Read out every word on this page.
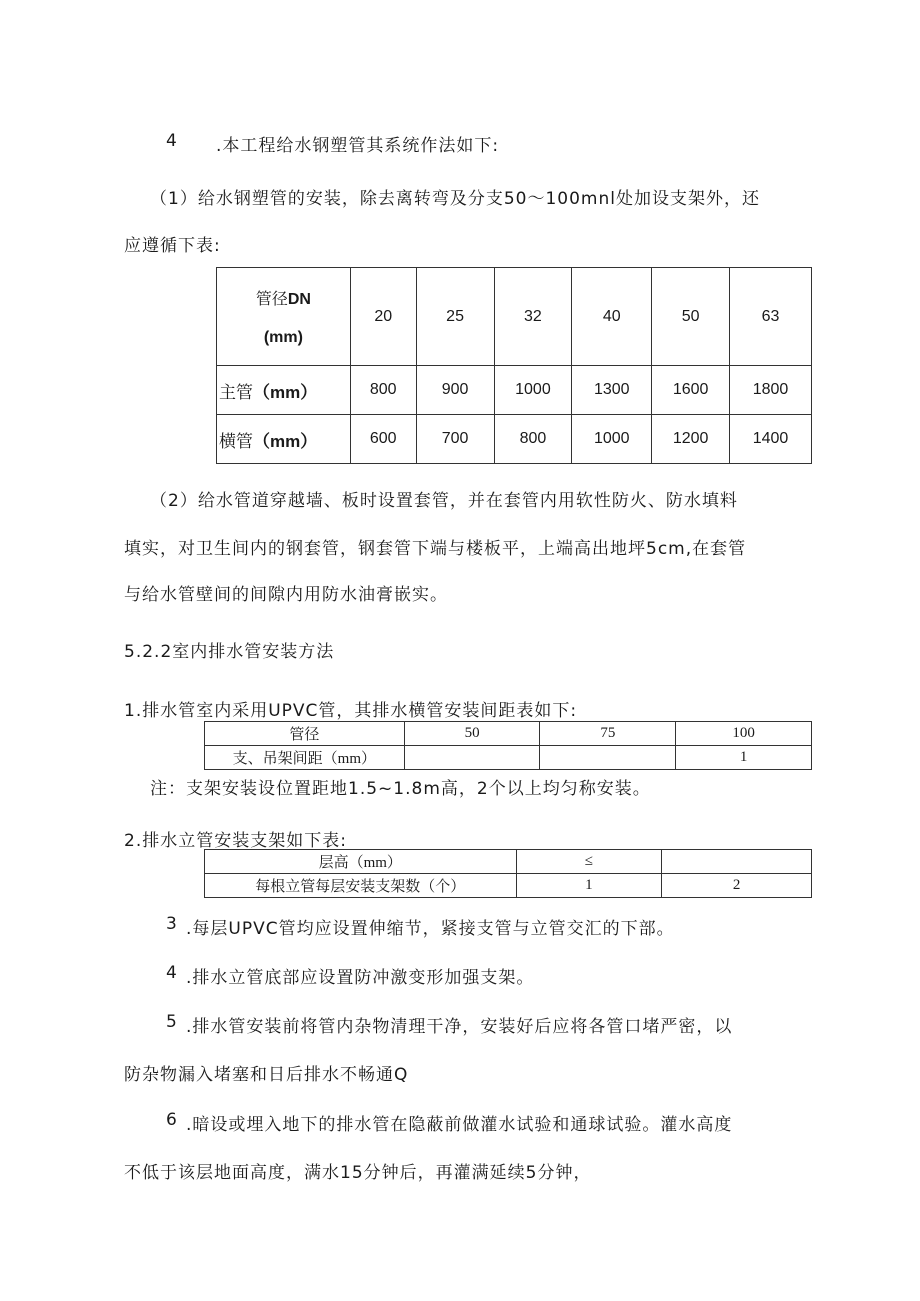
4 .本工程给水钢塑管其系统作法如下:
（1）给水钢塑管的安装，除去离转弯及分支50～100mnl处加设支架外，还
应遵循下表:
管径DN
(mm)	20	25	32	40	50	63
主管（mm）	800	900	1000	1300	1600	1800
横管（mm）	600	700	800	1000	1200	1400
（2）给水管道穿越墙、板时设置套管，并在套管内用软性防火、防水填料
填实，对卫生间内的钢套管，钢套管下端与楼板平，上端高出地坪5cm,在套管
与给水管壁间的间隙内用防水油膏嵌实。
5.2.2室内排水管安装方法
1.排水管室内采用UPVC管，其排水横管安装间距表如下:
管径	50	75	100
支、吊架间距（mm）			1
注：支架安装设位置距地1.5~1.8m高，2个以上均匀称安装。
2.排水立管安装支架如下表:
层高（mm）	≤	
每根立管每层安装支架数（个）	1	2
3 .每层UPVC管均应设置伸缩节，紧接支管与立管交汇的下部。
4 .排水立管底部应设置防冲激变形加强支架。
5 .排水管安装前将管内杂物清理干净，安装好后应将各管口堵严密，以
防杂物漏入堵塞和日后排水不畅通Q
6 .暗设或埋入地下的排水管在隐蔽前做灌水试验和通球试验。灌水高度
不低于该层地面高度，满水15分钟后，再灌满延续5分钟，
